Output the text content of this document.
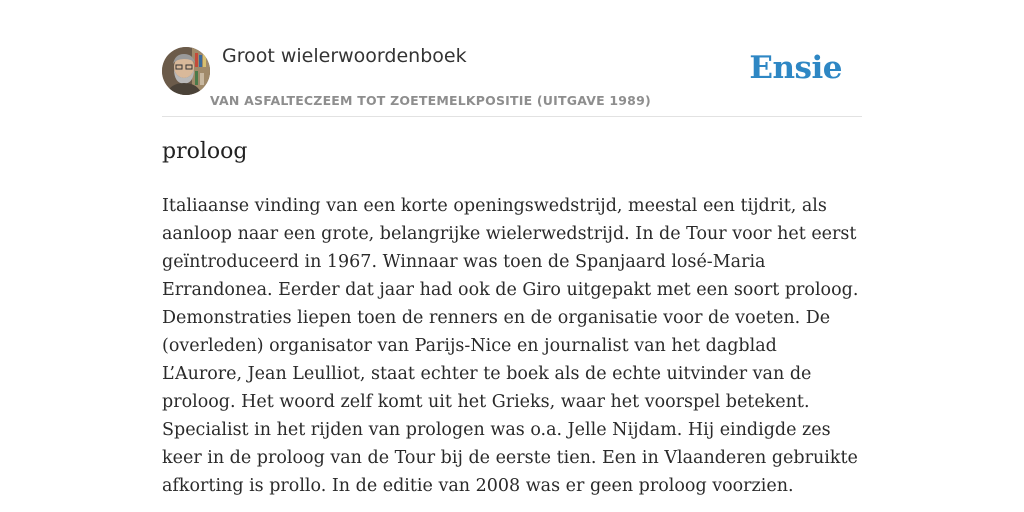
Groot wielerwoordenboek
VAN ASFALTECZEEM TOT ZOETEMELKPOSITIE (UITGAVE 1989)
Ensie
proloog

Italiaanse vinding van een korte openingswedstrijd, meestal een tijdrit, als aanloop naar een grote, belangrijke wielerwedstrijd. In de Tour voor het eerst geïntroduceerd in 1967. Winnaar was toen de Spanjaard losé-Maria Errandonea. Eerder dat jaar had ook de Giro uitgepakt met een soort proloog. Demonstraties liepen toen de renners en de organisatie voor de voeten. De (overleden) organisator van Parijs-Nice en journalist van het dagblad L’Aurore, Jean Leulliot, staat echter te boek als de echte uitvinder van de proloog. Het woord zelf komt uit het Grieks, waar het voorspel betekent. Specialist in het rijden van prologen was o.a. Jelle Nijdam. Hij eindigde zes keer in de proloog van de Tour bij de eerste tien. Een in Vlaanderen gebruikte afkorting is prollo. In de editie van 2008 was er geen proloog voorzien.
